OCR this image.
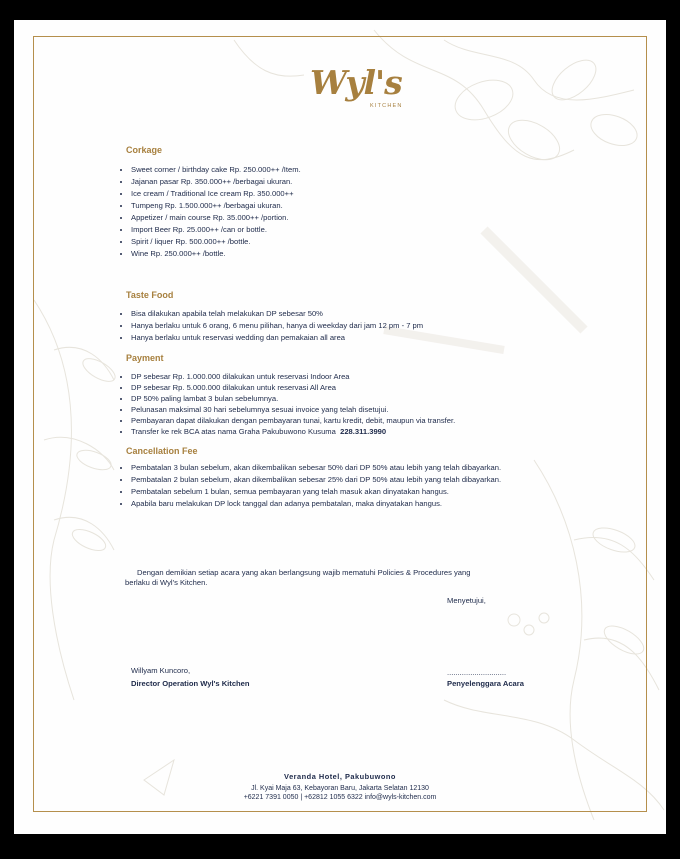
Wyl's
KITCHEN
Corkage
• Sweet corner / birthday cake Rp. 250.000++ /Item.
• Jajanan pasar Rp. 350.000++ /berbagai ukuran.
• Ice cream / Traditional Ice cream Rp. 350.000++
• Tumpeng Rp. 1.500.000++ /berbagai ukuran.
• Appetizer / main course Rp. 35.000++ /portion.
• Import Beer Rp. 25.000++ /can or bottle.
• Spirit / liquer Rp. 500.000++ /bottle.
• Wine Rp. 250.000++ /bottle.
Taste Food
• Bisa dilakukan apabila telah melakukan DP sebesar 50%
• Hanya berlaku untuk 6 orang, 6 menu pilihan, hanya di weekday dari jam 12 pm - 7 pm
• Hanya berlaku untuk reservasi wedding dan pemakaian all area
Payment
• DP sebesar Rp. 1.000.000 dilakukan untuk reservasi Indoor Area
• DP sebesar Rp. 5.000.000 dilakukan untuk reservasi All Area
• DP 50% paling lambat 3 bulan sebelumnya.
• Pelunasan maksimal 30 hari sebelumnya sesuai invoice yang telah disetujui.
• Pembayaran dapat dilakukan dengan pembayaran tunai, kartu kredit, debit, maupun via transfer.
• Transfer ke rek BCA atas nama Graha Pakubuwono Kusuma 228.311.3990
Cancellation Fee
• Pembatalan 3 bulan sebelum, akan dikembalikan sebesar 50% dari DP 50% atau lebih yang telah dibayarkan.
• Pembatalan 2 bulan sebelum, akan dikembalikan sebesar 25% dari DP 50% atau lebih yang telah dibayarkan.
• Pembatalan sebelum 1 bulan, semua pembayaran yang telah masuk akan dinyatakan hangus.
• Apabila baru melakukan DP lock tanggal dan adanya pembatalan, maka dinyatakan hangus.
Dengan demikian setiap acara yang akan berlangsung wajib mematuhi Policies & Procedures yang
berlaku di Wyl's Kitchen.
Menyetujui,
Willyam Kuncoro,
Director Operation Wyl's Kitchen
............................
Penyelenggara Acara
Veranda Hotel, Pakubuwono
Jl. Kyai Maja 63, Kebayoran Baru, Jakarta Selatan 12130
+6221 7391 0050 | +62812 1055 6322 info@wyls-kitchen.com
